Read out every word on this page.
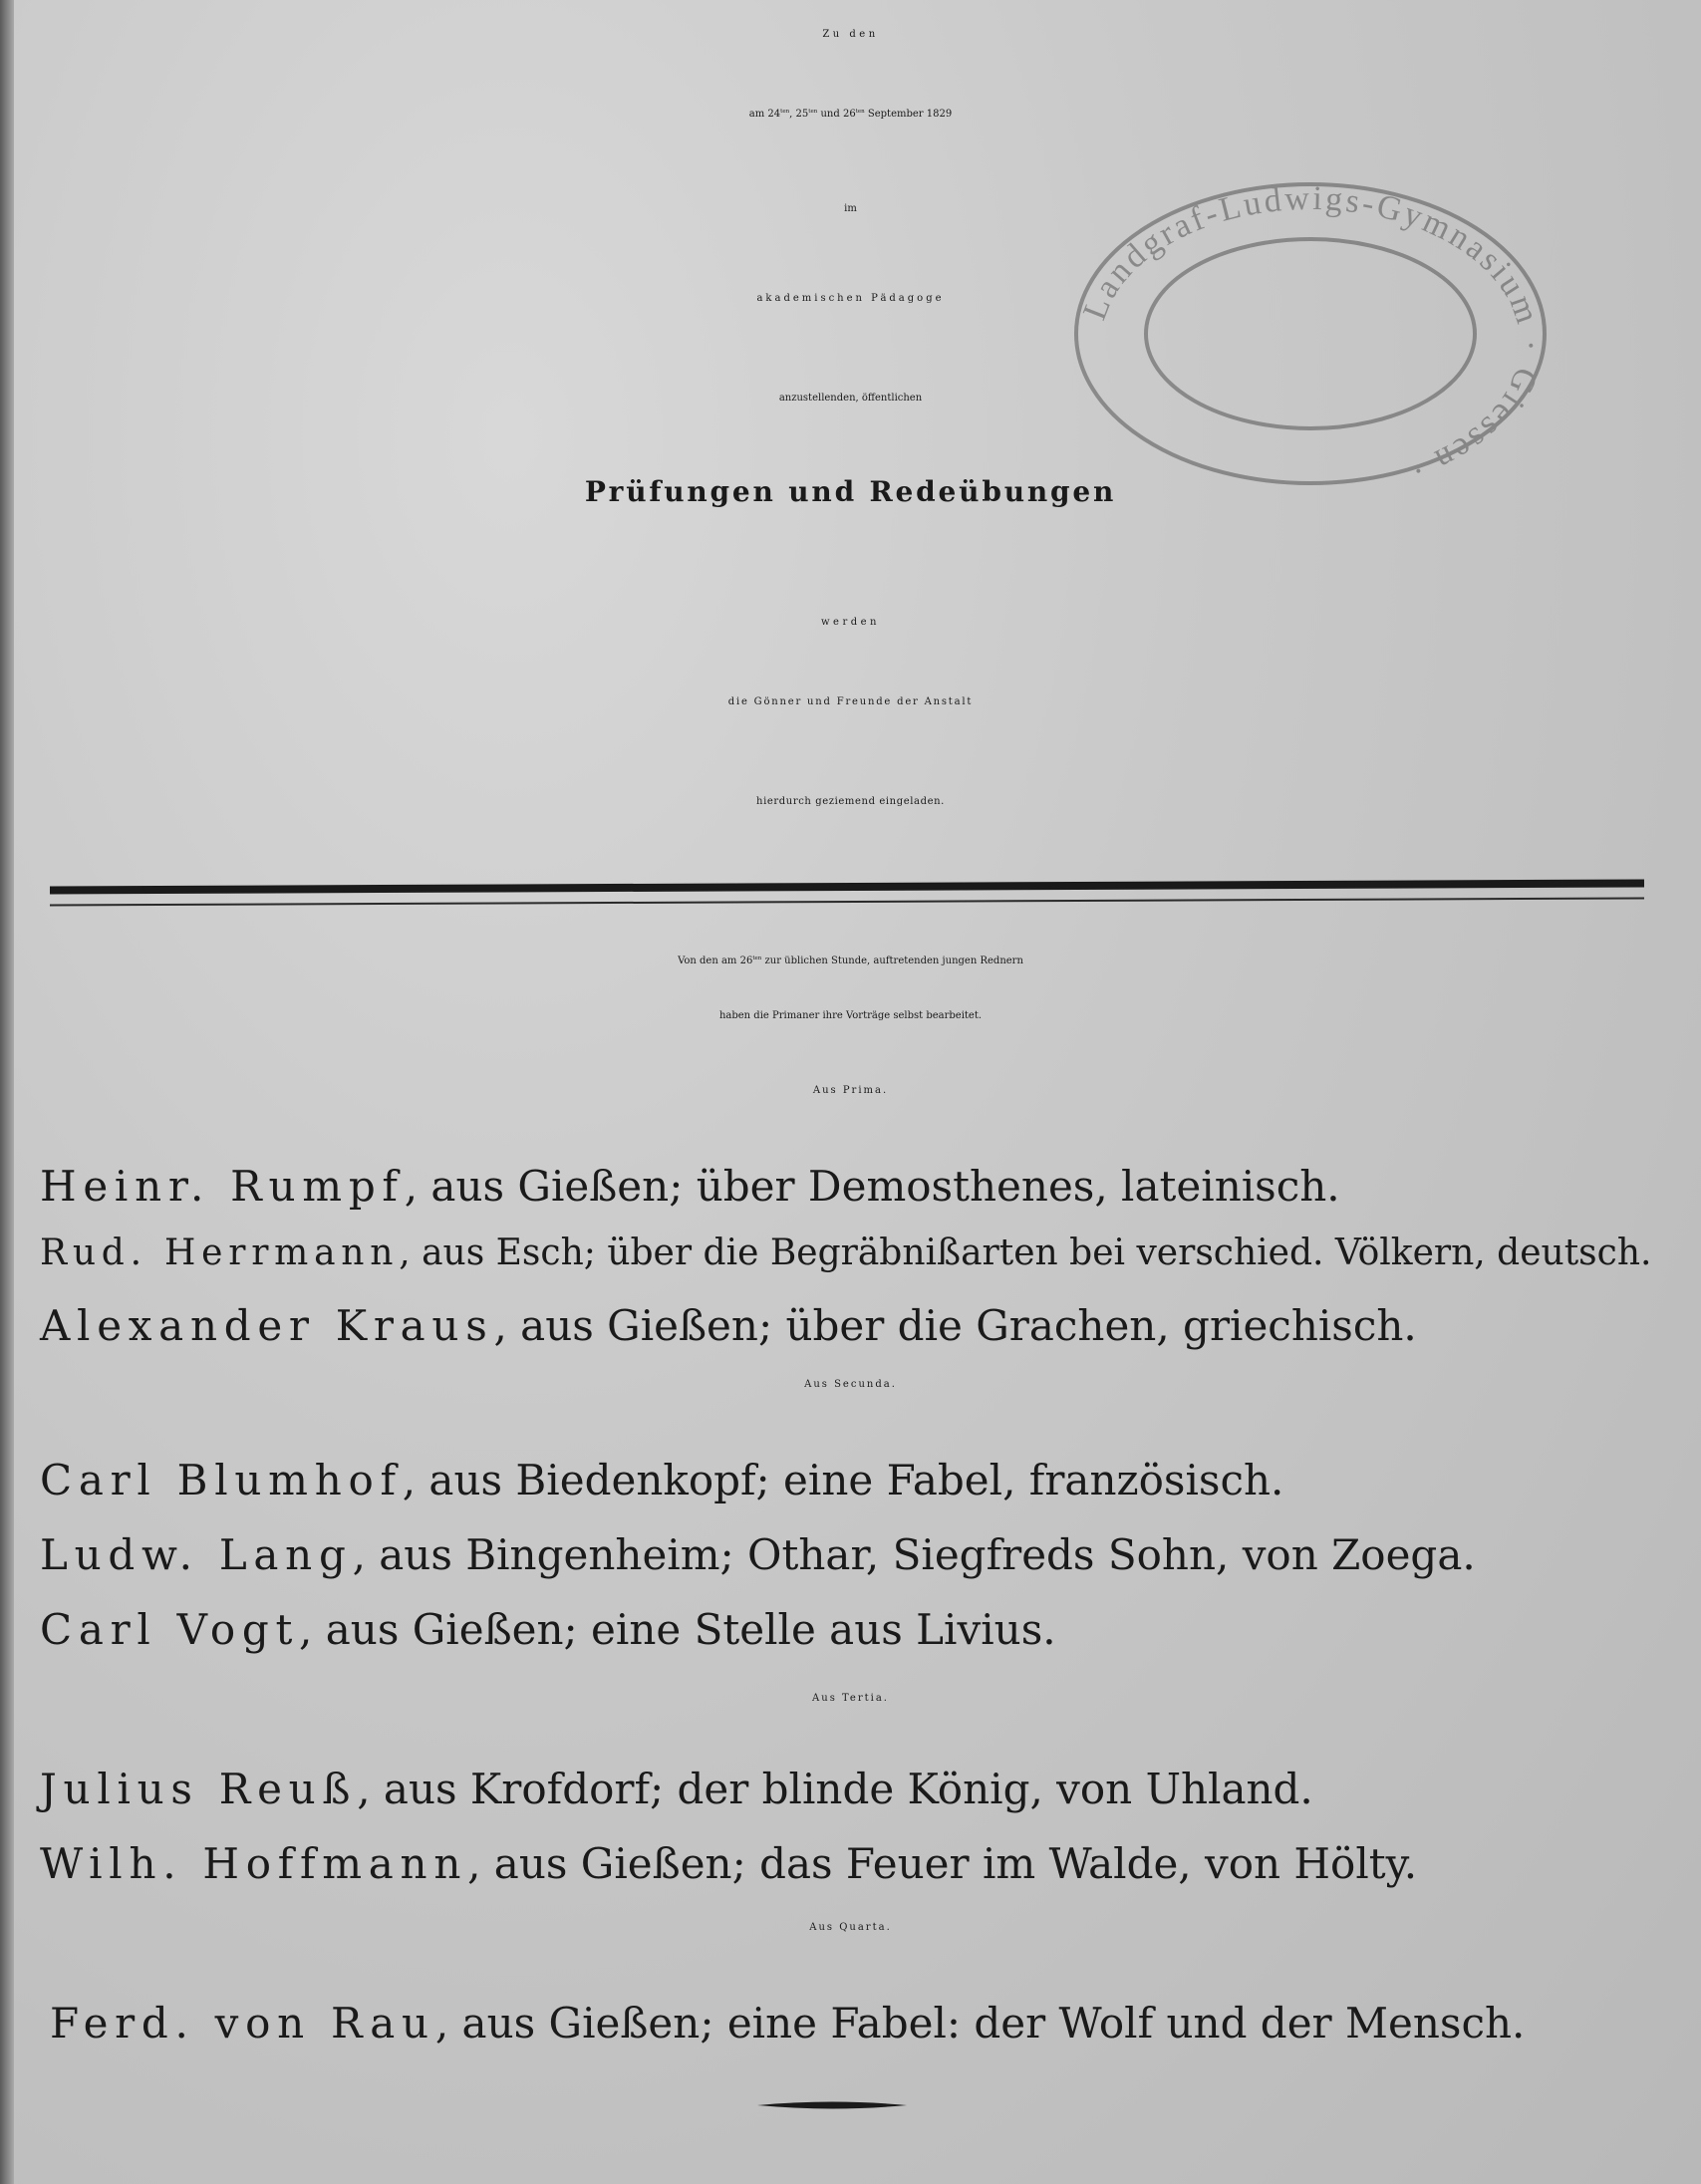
Landgraf-Ludwigs-Gymnasium · Giessen ·
Zu den
am $24^{ten}$, $25^{ten}$ und $26^{ten}$ September 1829
im
akademischen Pädagoge
anzustellenden, öffentlichen
Prüfungen und Redeübungen
werden
die Gönner und Freunde der Anstalt
hierdurch geziemend eingeladen.
Von den am $26^{ten}$ zur üblichen Stunde, auftretenden jungen Rednern
haben die Primaner ihre Vorträge selbst bearbeitet.
Aus Prima.
Heinr. Rumpf, aus Gießen; über Demosthenes, lateinisch.
Rud. Herrmann, aus Esch; über die Begräbnißarten bei verschied. Völkern, deutsch.
Alexander Kraus, aus Gießen; über die Grachen, griechisch.
Aus Secunda.
Carl Blumhof, aus Biedenkopf; eine Fabel, französisch.
Ludw. Lang, aus Bingenheim; Othar, Siegfreds Sohn, von Zoega.
Carl Vogt, aus Gießen; eine Stelle aus Livius.
Aus Tertia.
Julius Reuß, aus Krofdorf; der blinde König, von Uhland.
Wilh. Hoffmann, aus Gießen; das Feuer im Walde, von Hölty.
Aus Quarta.
Ferd. von Rau, aus Gießen; eine Fabel: der Wolf und der Mensch.
